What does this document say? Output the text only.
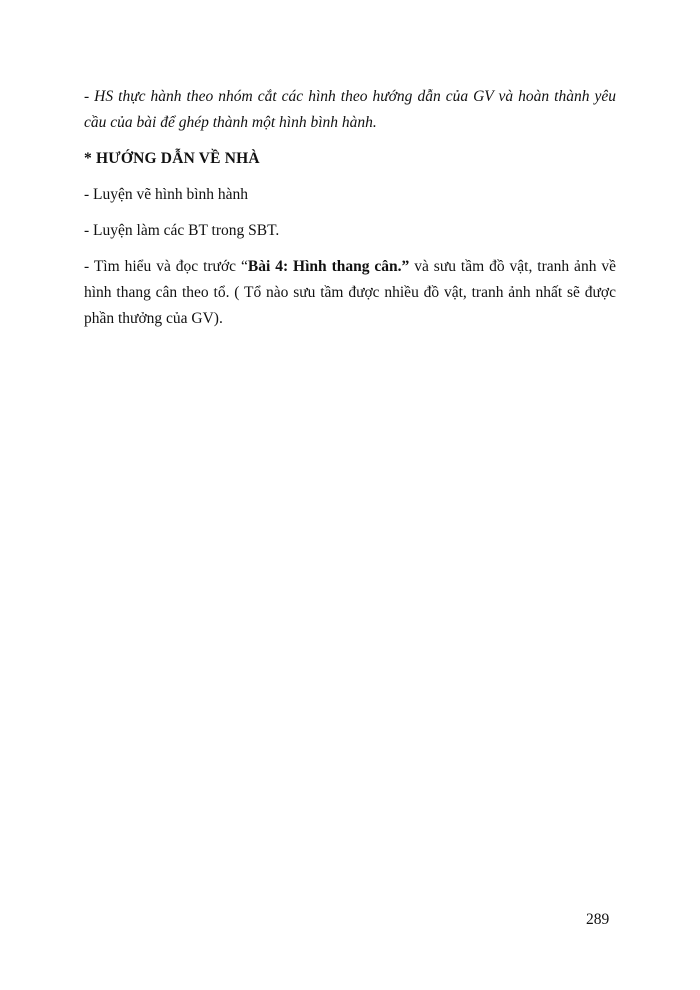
- HS thực hành theo nhóm cắt các hình theo hướng dẫn của GV và hoàn thành yêu cầu của bài để ghép thành một hình bình hành.

* HƯỚNG DẪN VỀ NHÀ

- Luyện vẽ hình bình hành

- Luyện làm các BT trong SBT.

- Tìm hiểu và đọc trước “Bài 4: Hình thang cân.” và sưu tầm đồ vật, tranh ảnh về hình thang cân theo tổ. ( Tổ nào sưu tầm được nhiều đồ vật, tranh ảnh nhất sẽ được phần thưởng của GV).

289
